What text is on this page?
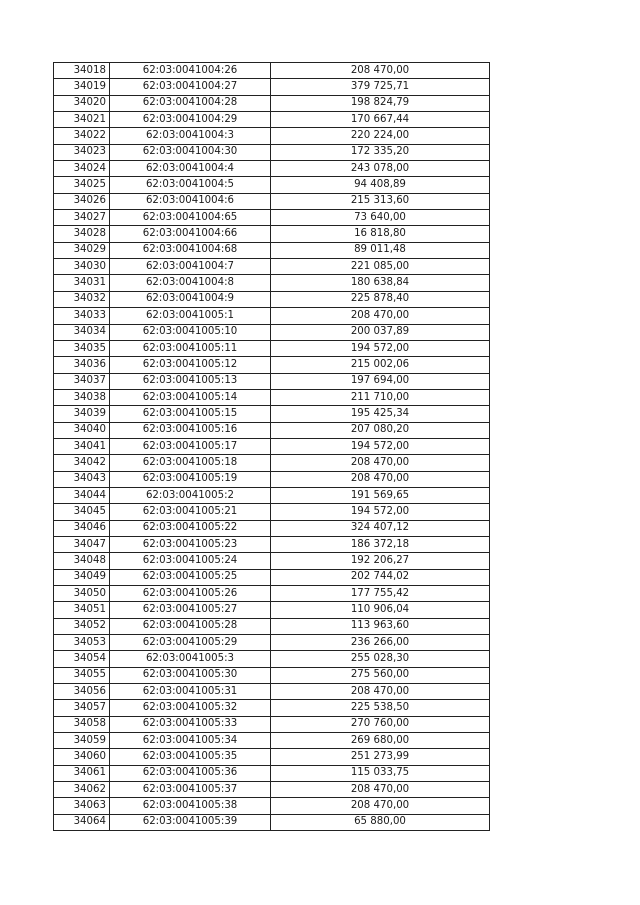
34018	62:03:0041004:26	208 470,00
34019	62:03:0041004:27	379 725,71
34020	62:03:0041004:28	198 824,79
34021	62:03:0041004:29	170 667,44
34022	62:03:0041004:3	220 224,00
34023	62:03:0041004:30	172 335,20
34024	62:03:0041004:4	243 078,00
34025	62:03:0041004:5	94 408,89
34026	62:03:0041004:6	215 313,60
34027	62:03:0041004:65	73 640,00
34028	62:03:0041004:66	16 818,80
34029	62:03:0041004:68	89 011,48
34030	62:03:0041004:7	221 085,00
34031	62:03:0041004:8	180 638,84
34032	62:03:0041004:9	225 878,40
34033	62:03:0041005:1	208 470,00
34034	62:03:0041005:10	200 037,89
34035	62:03:0041005:11	194 572,00
34036	62:03:0041005:12	215 002,06
34037	62:03:0041005:13	197 694,00
34038	62:03:0041005:14	211 710,00
34039	62:03:0041005:15	195 425,34
34040	62:03:0041005:16	207 080,20
34041	62:03:0041005:17	194 572,00
34042	62:03:0041005:18	208 470,00
34043	62:03:0041005:19	208 470,00
34044	62:03:0041005:2	191 569,65
34045	62:03:0041005:21	194 572,00
34046	62:03:0041005:22	324 407,12
34047	62:03:0041005:23	186 372,18
34048	62:03:0041005:24	192 206,27
34049	62:03:0041005:25	202 744,02
34050	62:03:0041005:26	177 755,42
34051	62:03:0041005:27	110 906,04
34052	62:03:0041005:28	113 963,60
34053	62:03:0041005:29	236 266,00
34054	62:03:0041005:3	255 028,30
34055	62:03:0041005:30	275 560,00
34056	62:03:0041005:31	208 470,00
34057	62:03:0041005:32	225 538,50
34058	62:03:0041005:33	270 760,00
34059	62:03:0041005:34	269 680,00
34060	62:03:0041005:35	251 273,99
34061	62:03:0041005:36	115 033,75
34062	62:03:0041005:37	208 470,00
34063	62:03:0041005:38	208 470,00
34064	62:03:0041005:39	65 880,00
